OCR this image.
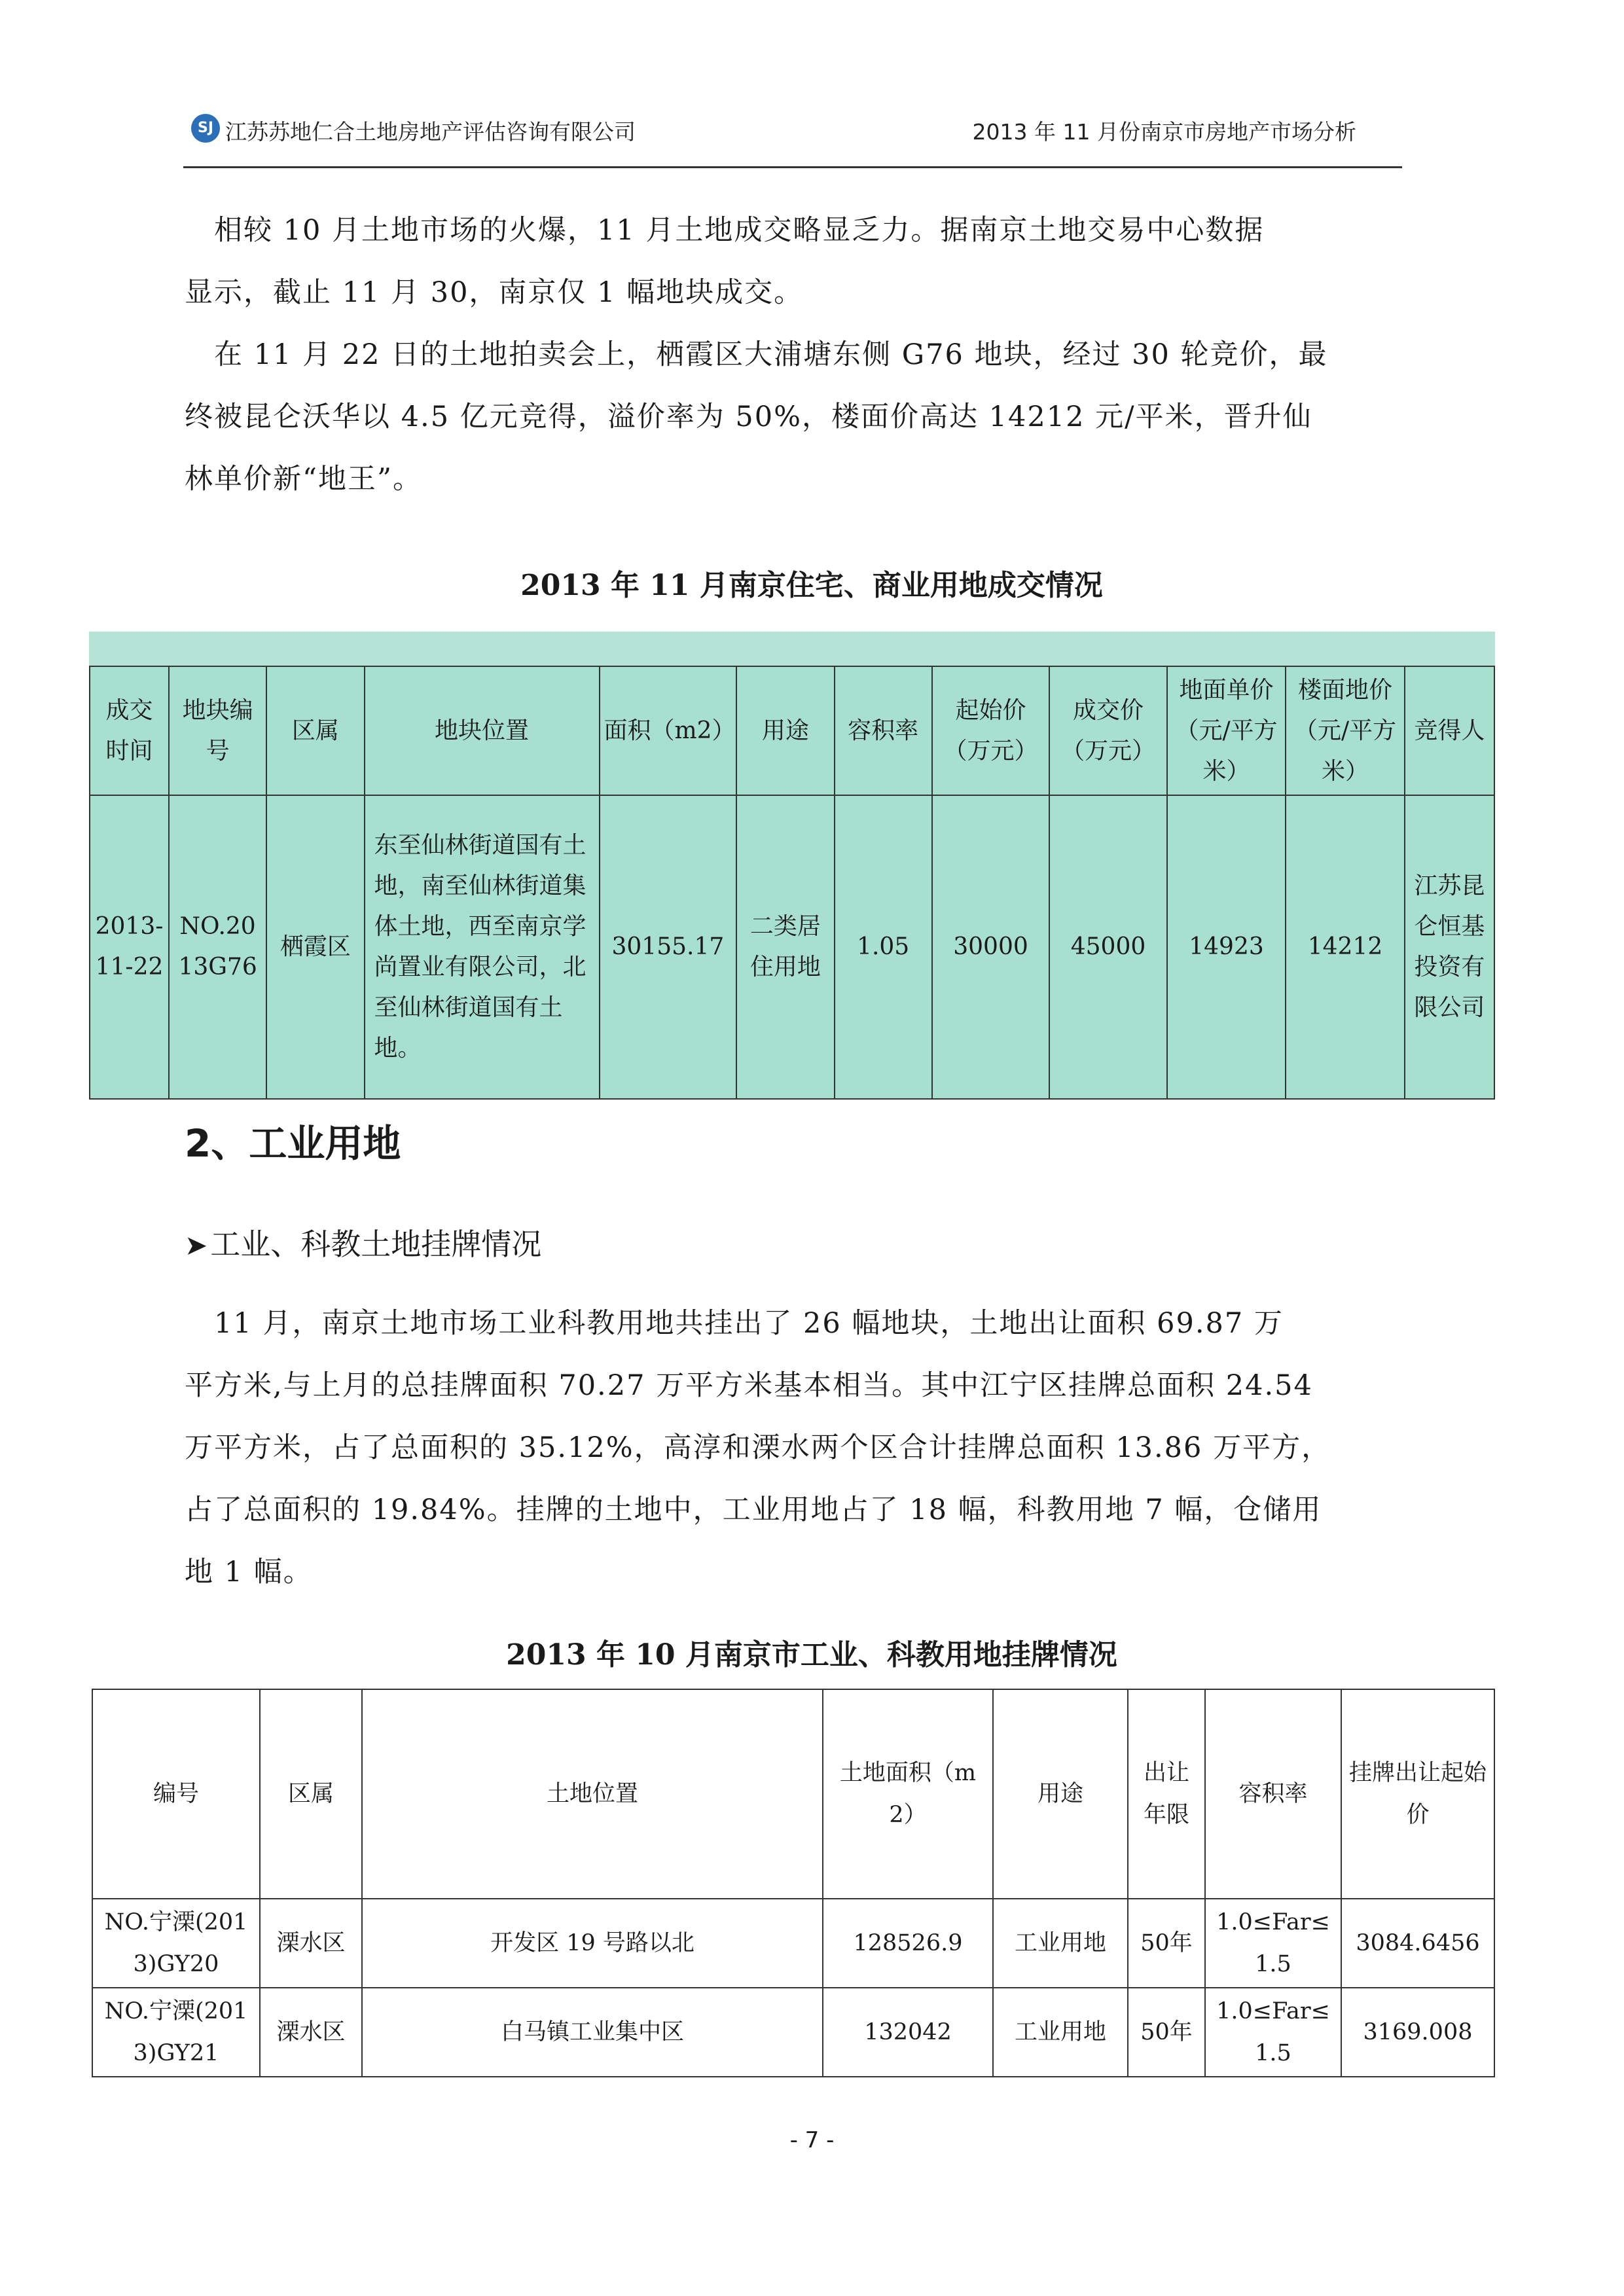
SJ 江苏苏地仁合土地房地产评估咨询有限公司	2013 年 11 月份南京市房地产市场分析
　相较 10 月土地市场的火爆，11 月土地成交略显乏力。据南京土地交易中心数据
显示，截止 11 月 30，南京仅 1 幅地块成交。
　在 11 月 22 日的土地拍卖会上，栖霞区大浦塘东侧 G76 地块，经过 30 轮竞价，最
终被昆仑沃华以 4.5 亿元竞得，溢价率为 50%，楼面价高达 14212 元/平米，晋升仙
林单价新“地王”。
2013 年 11 月南京住宅、商业用地成交情况
成交时间	地块编号	区属	地块位置	面积（m2）	用途	容积率	起始价（万元）	成交价（万元）	地面单价（元/平方米）	楼面地价（元/平方米）	竞得人
2013-11-22	NO.2013G76	栖霞区	东至仙林街道国有土地，南至仙林街道集体土地，西至南京学尚置业有限公司，北至仙林街道国有土地。	30155.17	二类居住用地	1.05	30000	45000	14923	14212	江苏昆仑恒基投资有限公司
2、工业用地
➤工业、科教土地挂牌情况
　11 月，南京土地市场工业科教用地共挂出了 26 幅地块，土地出让面积 69.87 万
平方米,与上月的总挂牌面积 70.27 万平方米基本相当。其中江宁区挂牌总面积 24.54
万平方米，占了总面积的 35.12%，高淳和溧水两个区合计挂牌总面积 13.86 万平方，
占了总面积的 19.84%。挂牌的土地中，工业用地占了 18 幅，科教用地 7 幅，仓储用
地 1 幅。
2013 年 10 月南京市工业、科教用地挂牌情况
编号	区属	土地位置	土地面积（m2）	用途	出让年限	容积率	挂牌出让起始价
NO.宁溧(2013)GY20	溧水区	开发区 19 号路以北	128526.9	工业用地	50年	1.0≤Far≤1.5	3084.6456
NO.宁溧(2013)GY21	溧水区	白马镇工业集中区	132042	工业用地	50年	1.0≤Far≤1.5	3169.008
- 7 -
